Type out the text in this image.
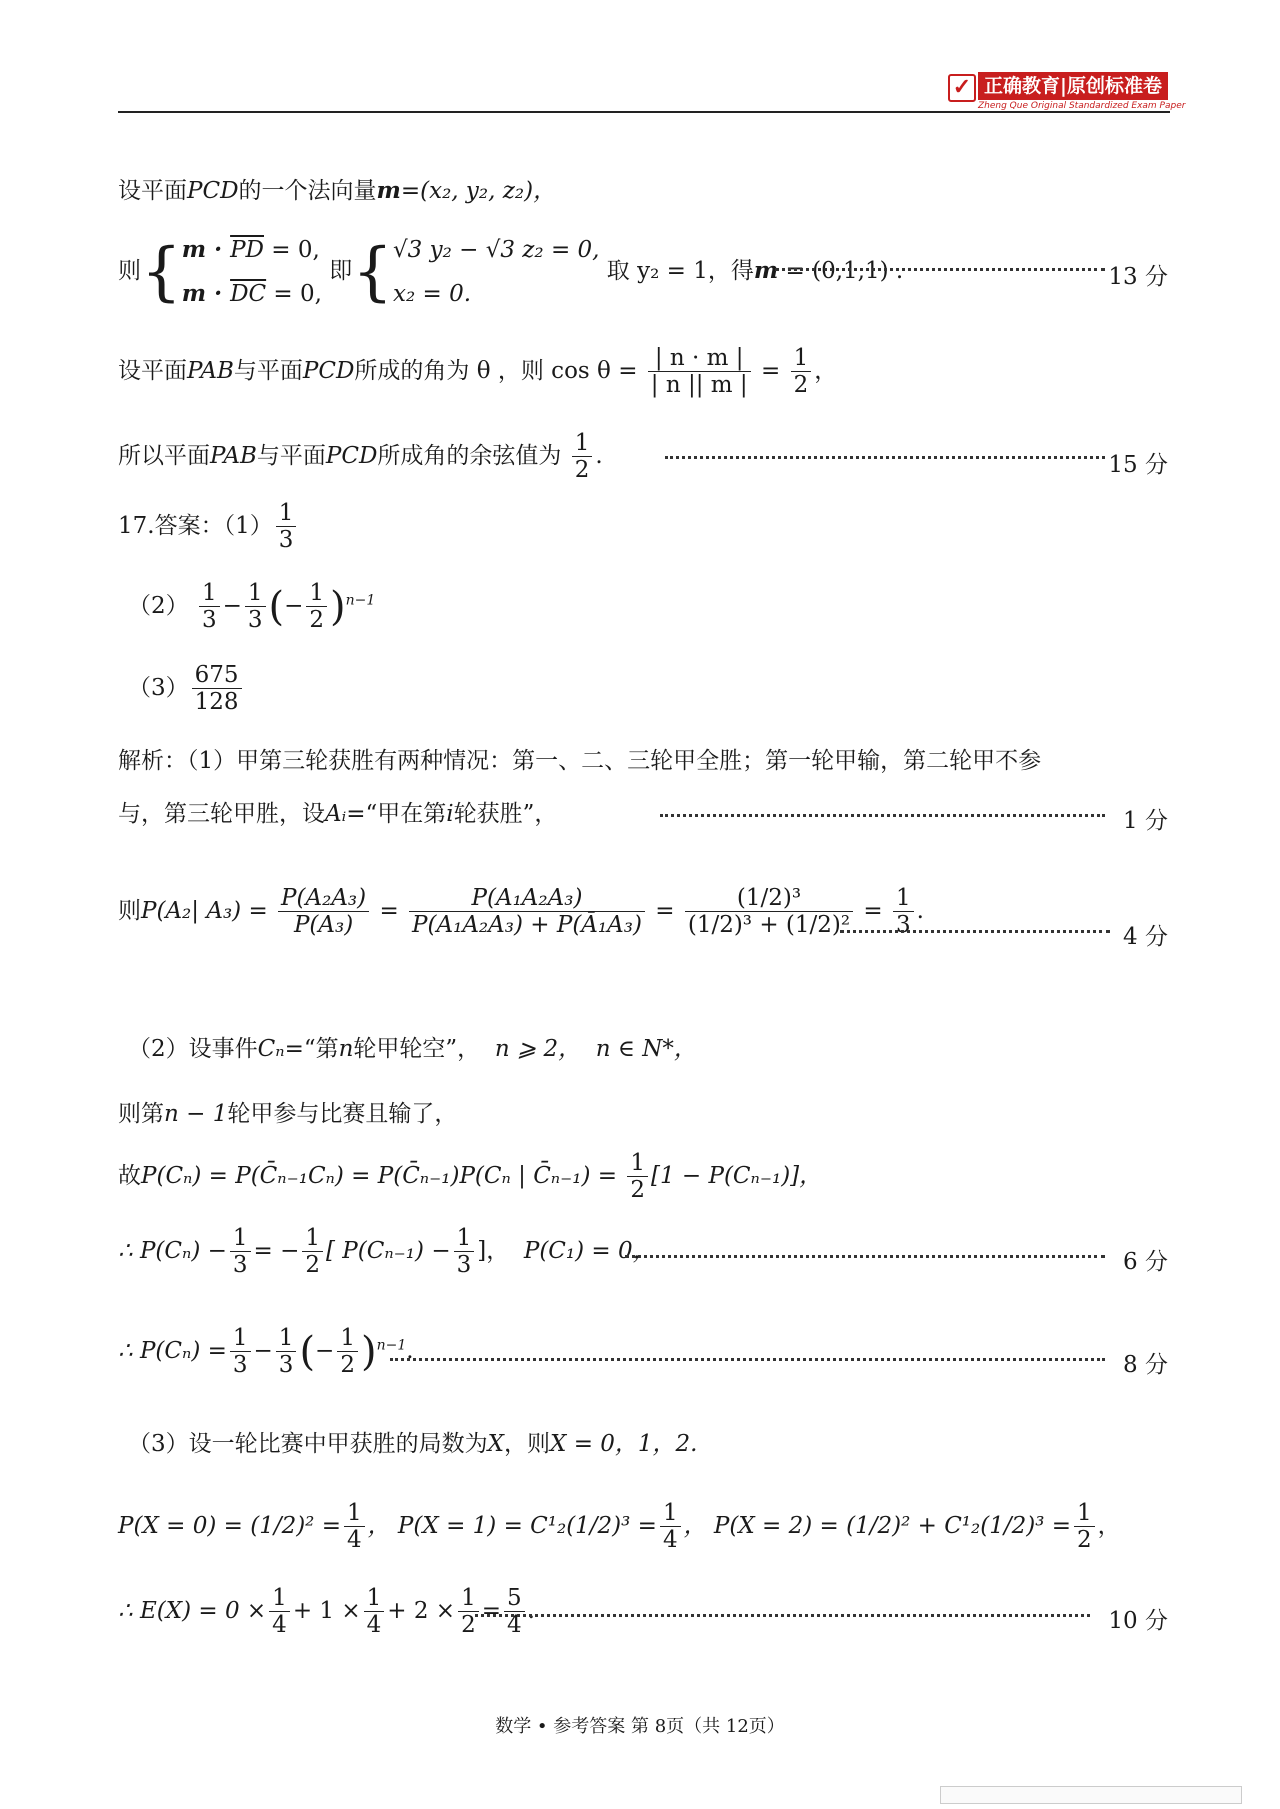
✓ 正确教育|原创标准卷
Zheng Que Original Standardized Exam Paper
设平面PCD的一个法向量m=(x₂, y₂, z₂)，
则{$m \cdot \overline{PD} = 0$,
$m \cdot \overline{DC} = 0$, 即{√3 y₂ − √3 z₂ = 0,
x₂ = 0. 取 y₂ = 1，得m = (0,1,1) .	13 分
设平面PAB与平面PCD所成的角为 θ ，则 $\cos \theta = \frac{| n \cdot m |}{| n || m |} = \frac{1}{2}$ ，
所以平面PAB与平面PCD所成角的余弦值为 $\frac{1}{2}$ .	15 分
17.答案：$(1) \frac{1}{3}$
$(2) \frac{1}{3} - \frac{1}{3}$ (− $\frac{1}{2} )^{n-1}$
$(3) \frac{675}{128}$
解析：（1）甲第三轮获胜有两种情况：第一、二、三轮甲全胜；第一轮甲输，第二轮甲不参
与，第三轮甲胜，设Aᵢ=“甲在第i轮获胜”，	1 分
则P(A₂| $A_3) = \frac{\text{P(A₂A₃)}}{\text{P(A₃)}} = \frac{\text{P(A₁A₂A₃)}}{\text{P(A₁A₂A₃) + P(Ā₁A₃)}} = \frac{\text{(1/2)³}}{\text{(1/2)³ + (1/2)²}} = \frac{1}{3}$ .
4 分
（2）设事件Cₙ=“第n轮甲轮空”， n ⩾ 2， n ∈ N*，
则第n − 1轮甲参与比赛且输了，
故P(Cₙ) = P(C̄ₙ₋₁Cₙ) = P(C̄ₙ₋₁)P(Cₙ | C̄ₙ₋₁) = $\frac{1}{2} [1 - P(C_{n-1})]$，
∴ $P(C_n) - \frac{1}{3}$ = − $\frac{1}{2}$ [ $P(C_{n-1}) - \frac{1}{3}$ ]， P(C₁) = 0，	6 分
∴ $P(C_n) = \frac{1}{3} - \frac{1}{3}$ (− $\frac{1}{2} )^{n-1}$.
8 分
（3）设一轮比赛中甲获胜的局数为X，则X = 0，1，2.
$P(X = 0) = (1/2)^2 = \frac{1}{4}$ ， $P(X = 1) = C^1_2(1/2)^3 = \frac{1}{4}$ ， $P(X = 2) = (1/2)^2 + C^1_2(1/2)^3 = \frac{1}{2}$ ，
∴ $E(X) = 0 \times \frac{1}{4} + 1 \times \frac{1}{4} + 2 \times \frac{1}{2} = \frac{5}{4}$ .	10 分
数学 • 参考答案 第 8页（共 12页）
